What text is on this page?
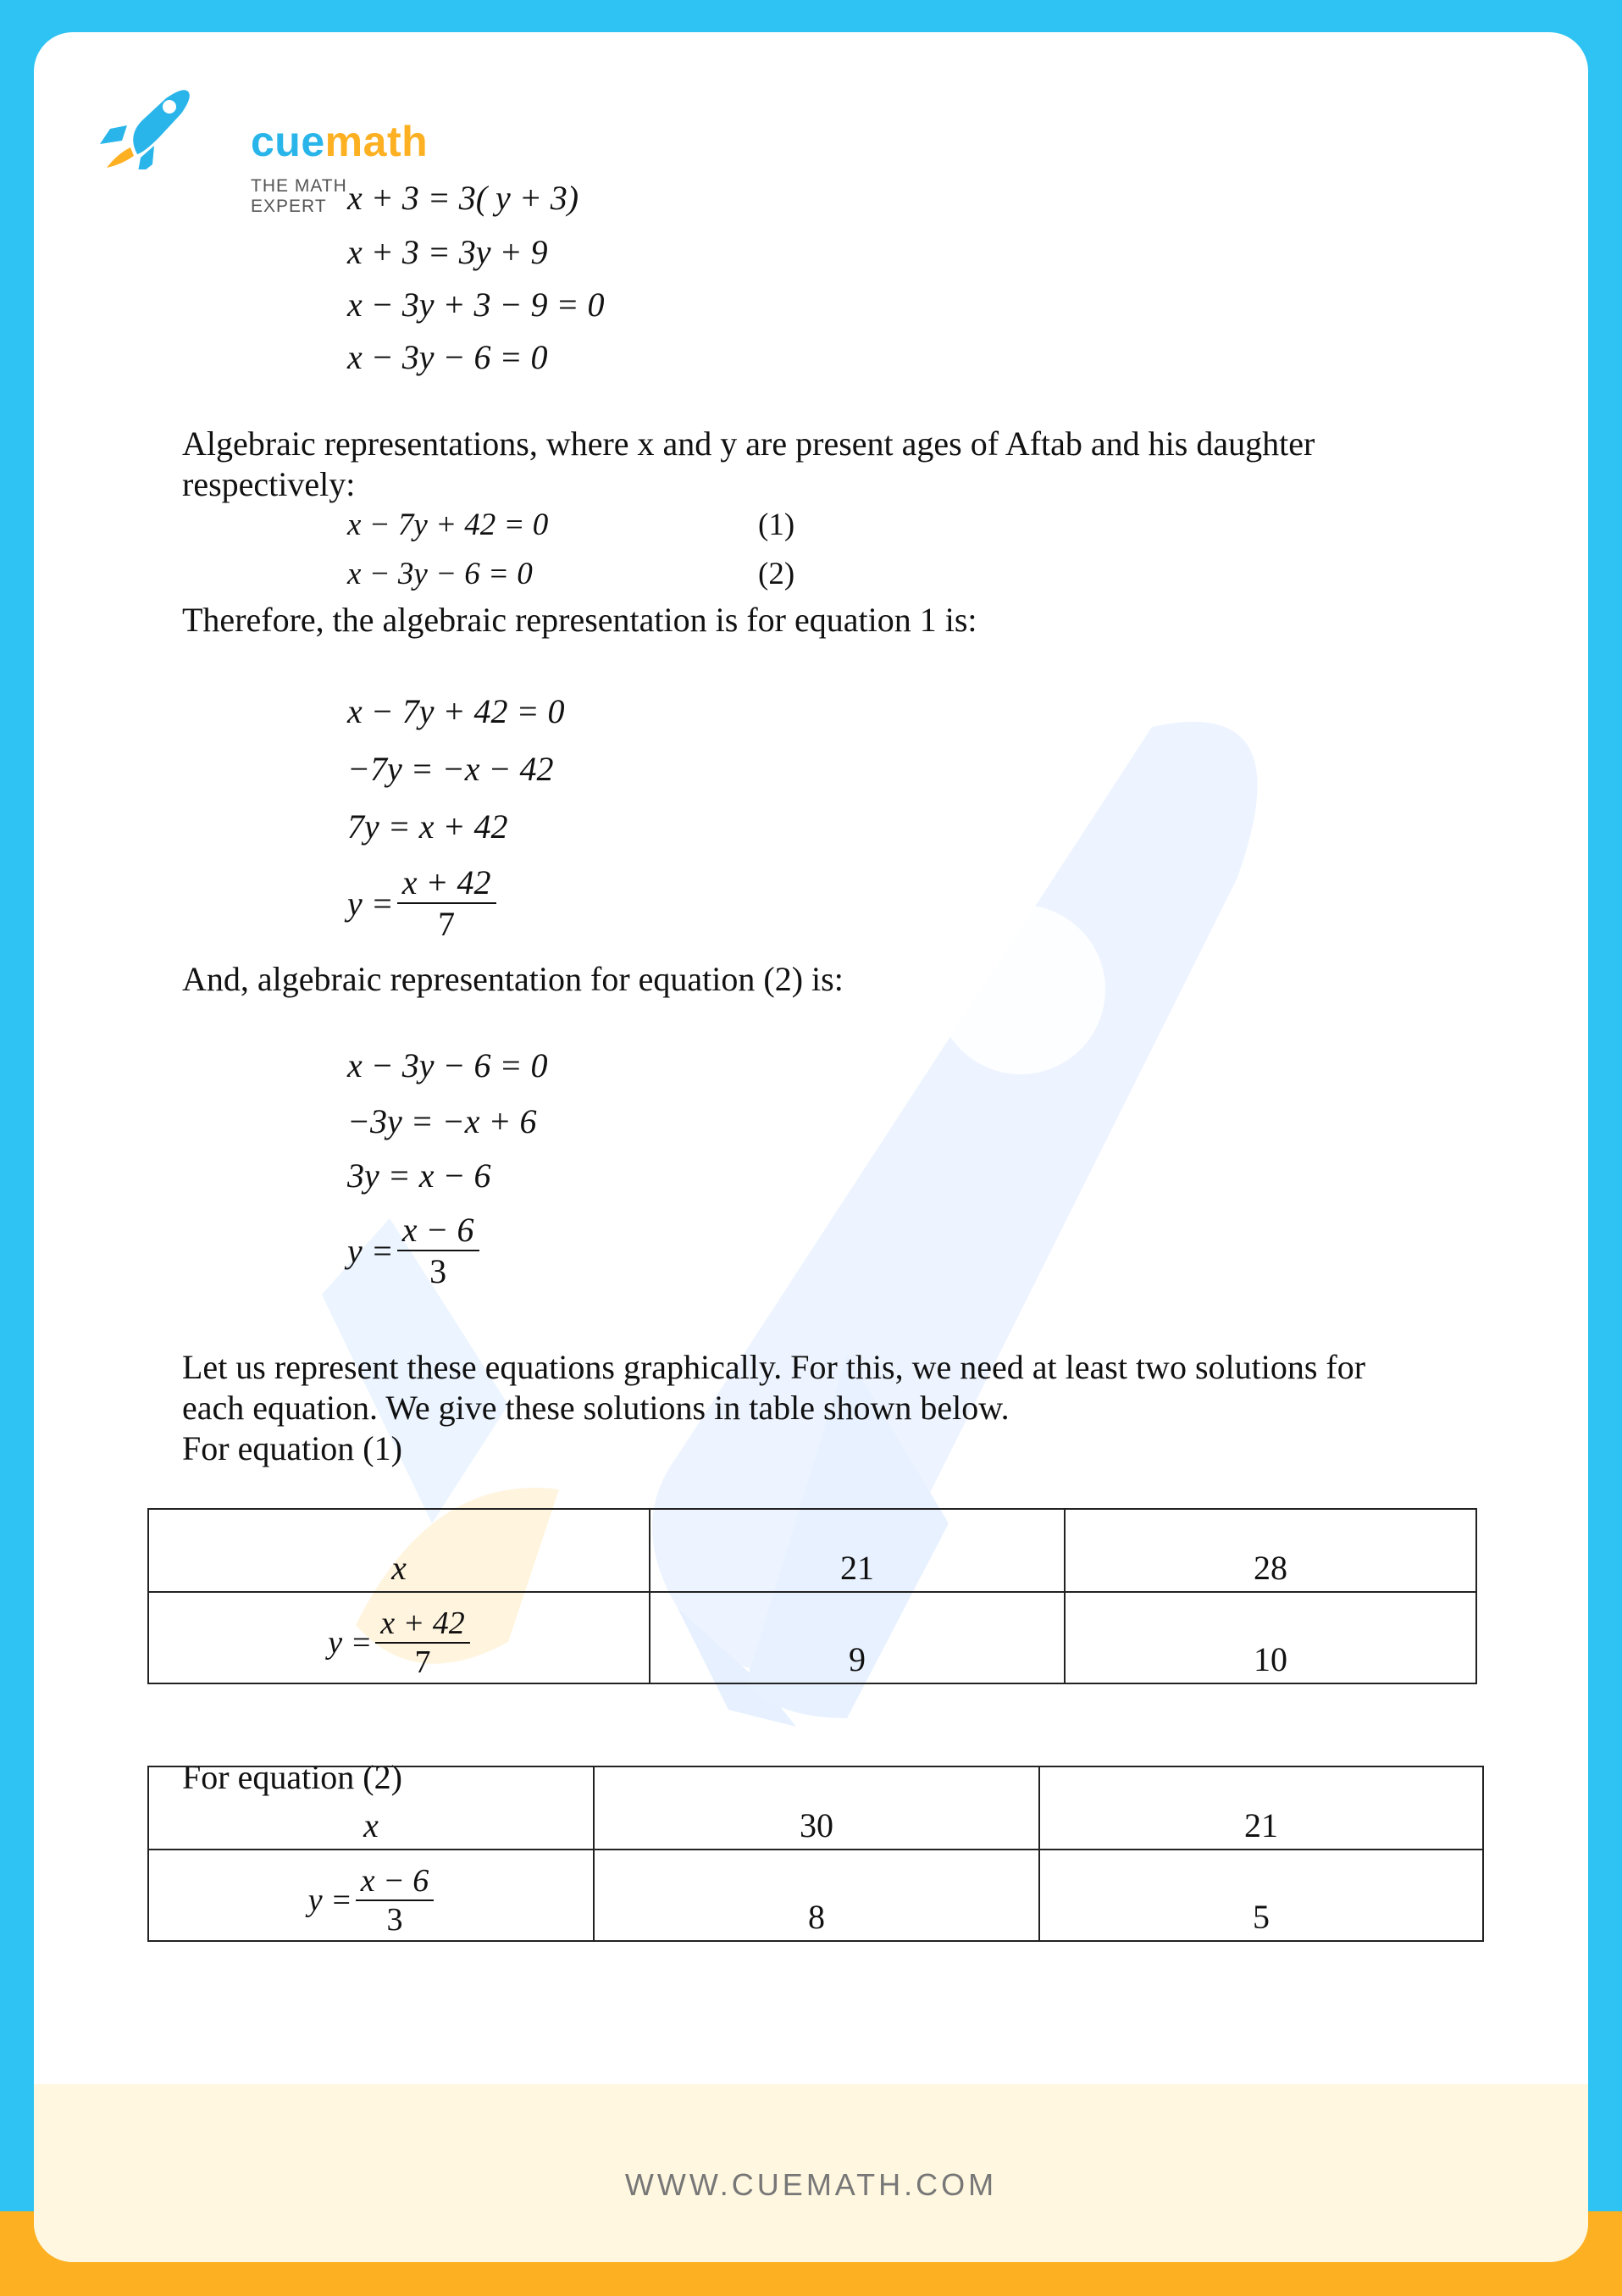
cuemath
THE MATH EXPERT x + 3 = 3( y + 3)
x + 3 = 3y + 9
x − 3y + 3 − 9 = 0
x − 3y − 6 = 0
Algebraic representations, where x and y are present ages of Aftab and his daughter
respectively:
x − 7y + 42 = 0	(1)
x − 3y − 6 = 0	(2)
Therefore, the algebraic representation is for equation 1 is:
x − 7y + 42 = 0
−7y = −x − 42
7y = x + 42
$y = \frac{x + 42}{7}$
And, algebraic representation for equation (2) is:
x − 3y − 6 = 0
−3y = −x + 6
3y = x − 6
$y = \frac{x - 6}{3}$
Let us represent these equations graphically. For this, we need at least two solutions for
each equation. We give these solutions in table shown below.
For equation (1)
x	21	28

$y = \frac{x + 42}{7}$	9	10
For equation (2)
x	30	21

$y = \frac{x - 6}{3}$	8	5
WWW.CUEMATH.COM
